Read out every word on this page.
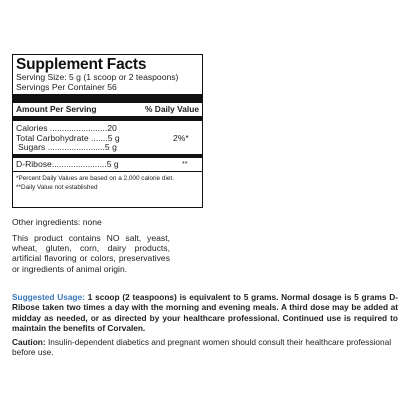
Supplement Facts
Serving Size: 5 g (1 scoop or 2 teaspoons)
Servings Per Container 56
Amount Per Serving	% Daily Value
Calories ........................20
Total Carbohydrate .......5 g	2%*
Sugars ........................5 g
D-Ribose.......................5 g	**
*Percent Daily Values are based on a 2,000 calorie diet.
**Daily Value not established
Other ingredients: none
This product contains NO salt, yeast, wheat, gluten, corn, dairy products, artificial flavoring or colors, preservatives or ingredients of animal origin.
Suggested Usage: 1 scoop (2 teaspoons) is equivalent to 5 grams. Normal dosage is 5 grams D-Ribose taken two times a day with the morning and evening meals. A third dose may be added at midday as needed, or as directed by your healthcare professional. Continued use is required to maintain the benefits of Corvalen.
Caution: Insulin-dependent diabetics and pregnant women should consult their healthcare professional before use.
